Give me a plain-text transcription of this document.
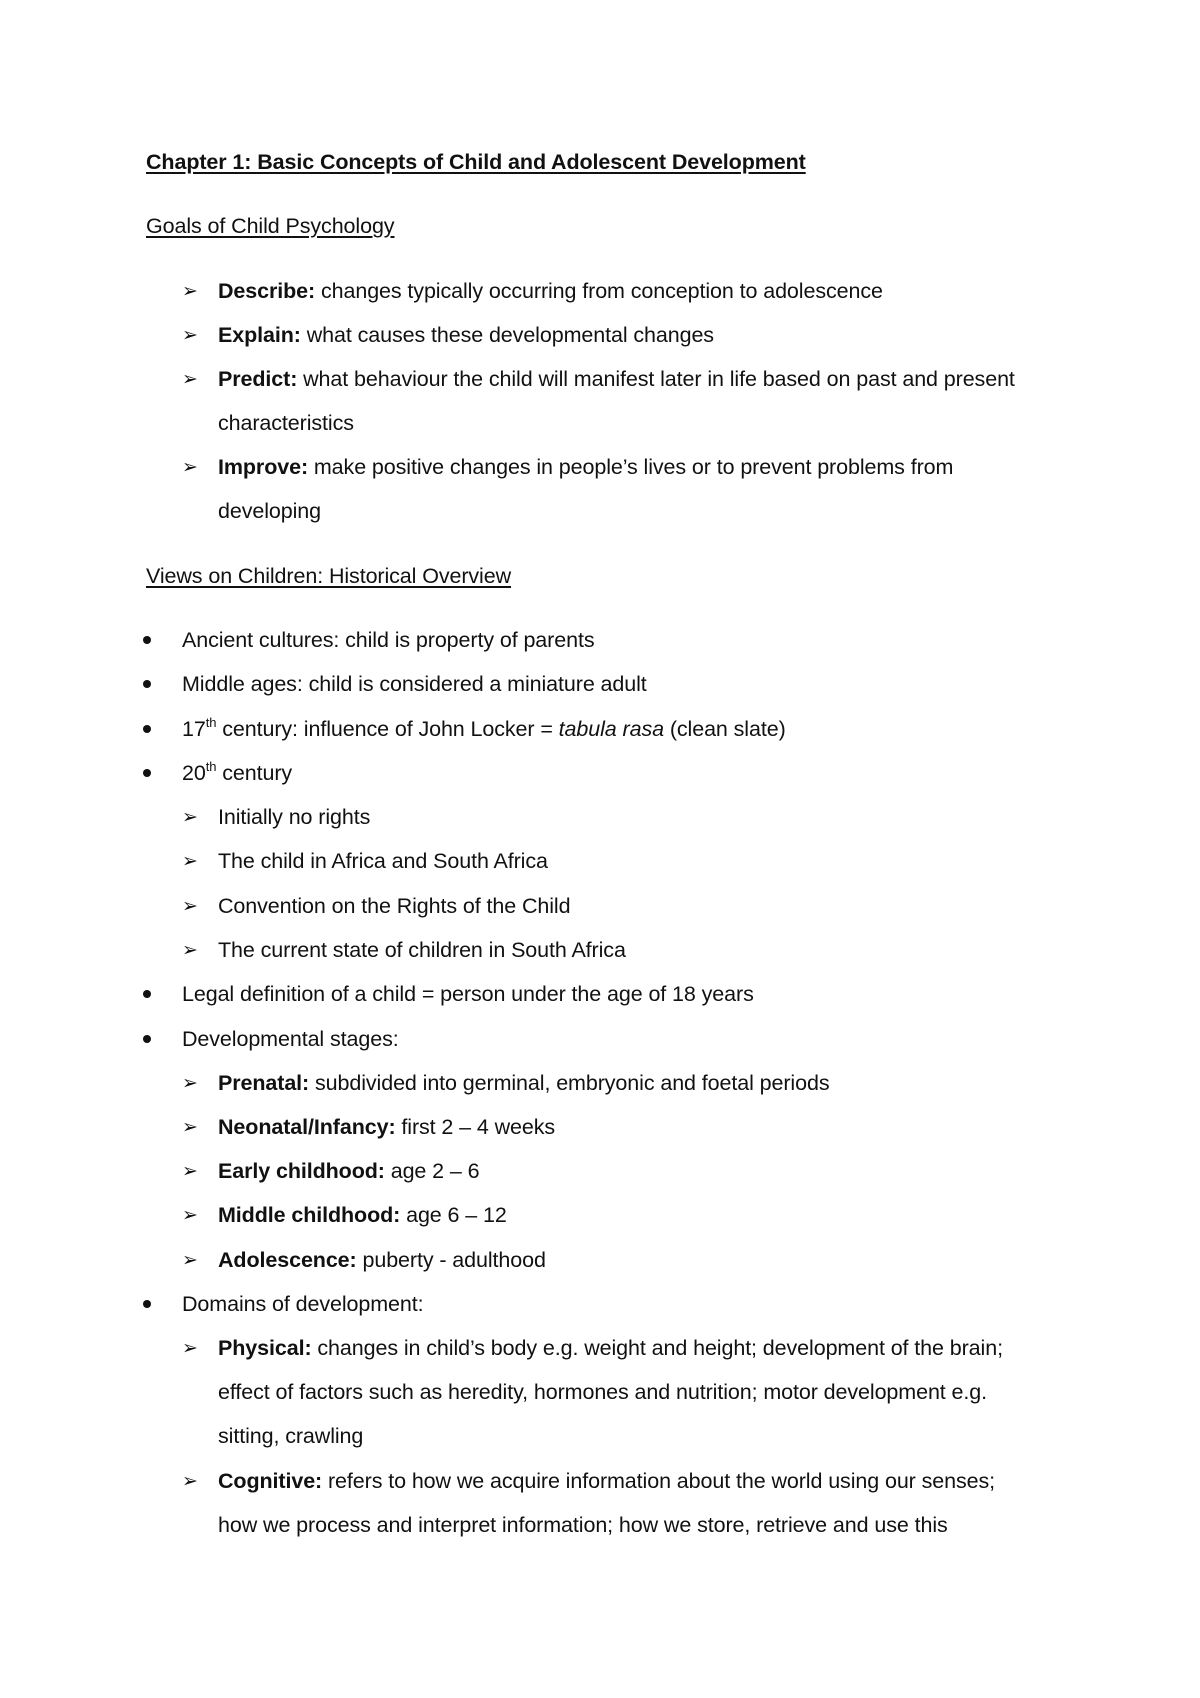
Chapter 1: Basic Concepts of Child and Adolescent Development
Goals of Child Psychology
➢ Describe: changes typically occurring from conception to adolescence
➢ Explain: what causes these developmental changes
➢ Predict: what behaviour the child will manifest later in life based on past and present
characteristics
➢ Improve: make positive changes in people’s lives or to prevent problems from
developing
Views on Children: Historical Overview
Ancient cultures: child is property of parents
Middle ages: child is considered a miniature adult
17th century: influence of John Locker = tabula rasa (clean slate)
20th century
➢ Initially no rights
➢ The child in Africa and South Africa
➢ Convention on the Rights of the Child
➢ The current state of children in South Africa
Legal definition of a child = person under the age of 18 years
Developmental stages:
➢ Prenatal: subdivided into germinal, embryonic and foetal periods
➢ Neonatal/Infancy: first 2 – 4 weeks
➢ Early childhood: age 2 – 6
➢ Middle childhood: age 6 – 12
➢ Adolescence: puberty - adulthood
Domains of development:
➢ Physical: changes in child’s body e.g. weight and height; development of the brain;
effect of factors such as heredity, hormones and nutrition; motor development e.g.
sitting, crawling
➢ Cognitive: refers to how we acquire information about the world using our senses;
how we process and interpret information; how we store, retrieve and use this
